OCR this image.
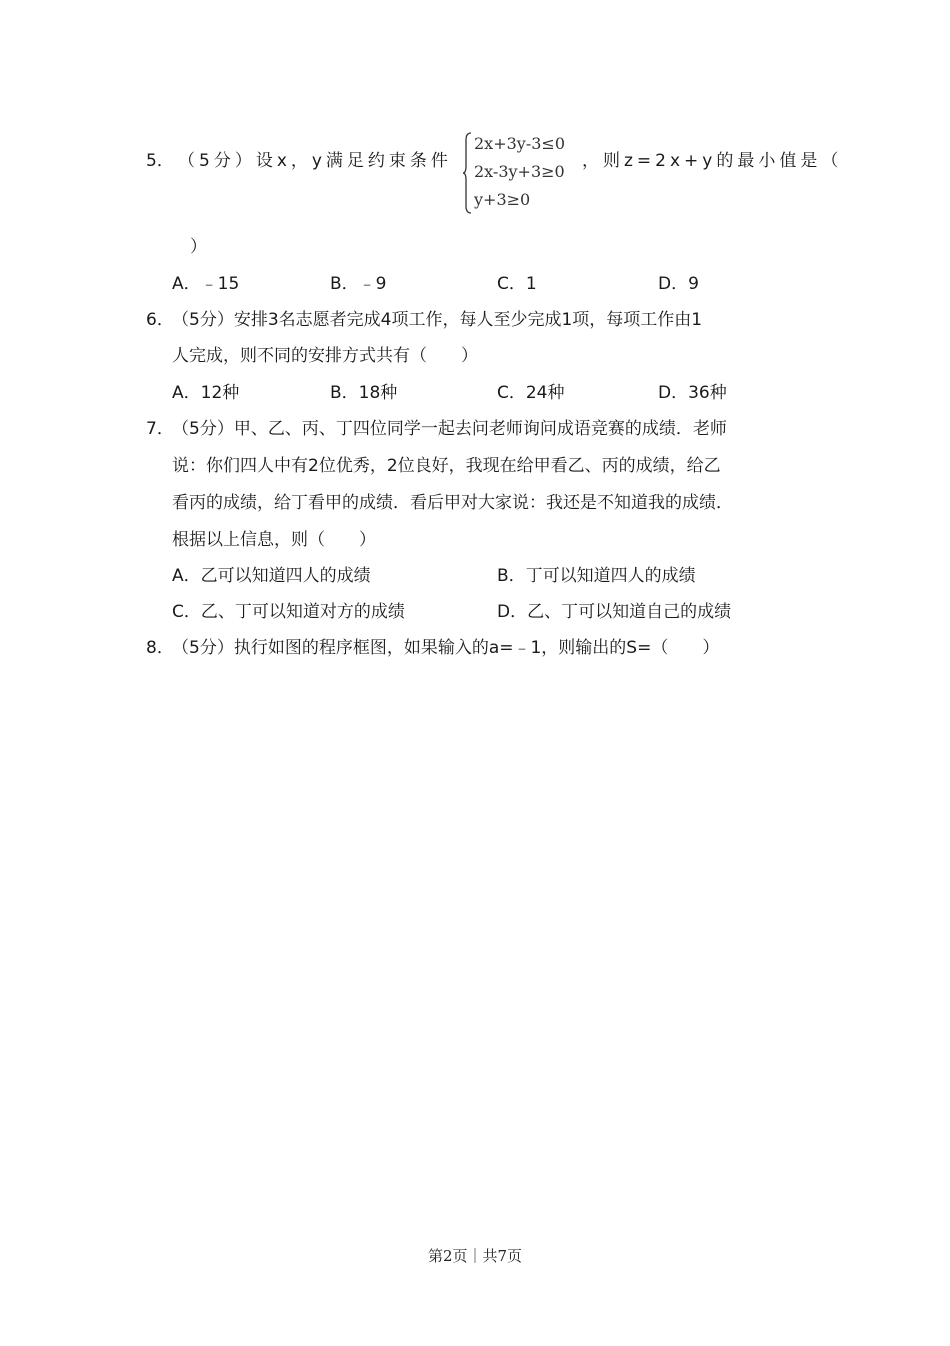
5． （5分）设x，y满足约束条件
2x+3y-3≤0
2x-3y+3≥0
y+3≥0
，则z=2x+y的最小值是（
）
A．﹣15	B．﹣9	C．1	D．9
6．
（5分）安排3名志愿者完成4项工作，每人至少完成1项，每项工作由1
人完成，则不同的安排方式共有（　　）
A．12种	B．18种	C．24种	D．36种
7．
（5分）甲、乙、丙、丁四位同学一起去问老师询问成语竞赛的成绩．老师
说：你们四人中有2位优秀，2位良好，我现在给甲看乙、丙的成绩，给乙
看丙的成绩，给丁看甲的成绩．看后甲对大家说：我还是不知道我的成绩．
根据以上信息，则（　　）
A．乙可以知道四人的成绩	B．丁可以知道四人的成绩
C．乙、丁可以知道对方的成绩	D．乙、丁可以知道自己的成绩
8．
（5分）执行如图的程序框图，如果输入的a=﹣1，则输出的S=（　　）
第2页｜共7页
